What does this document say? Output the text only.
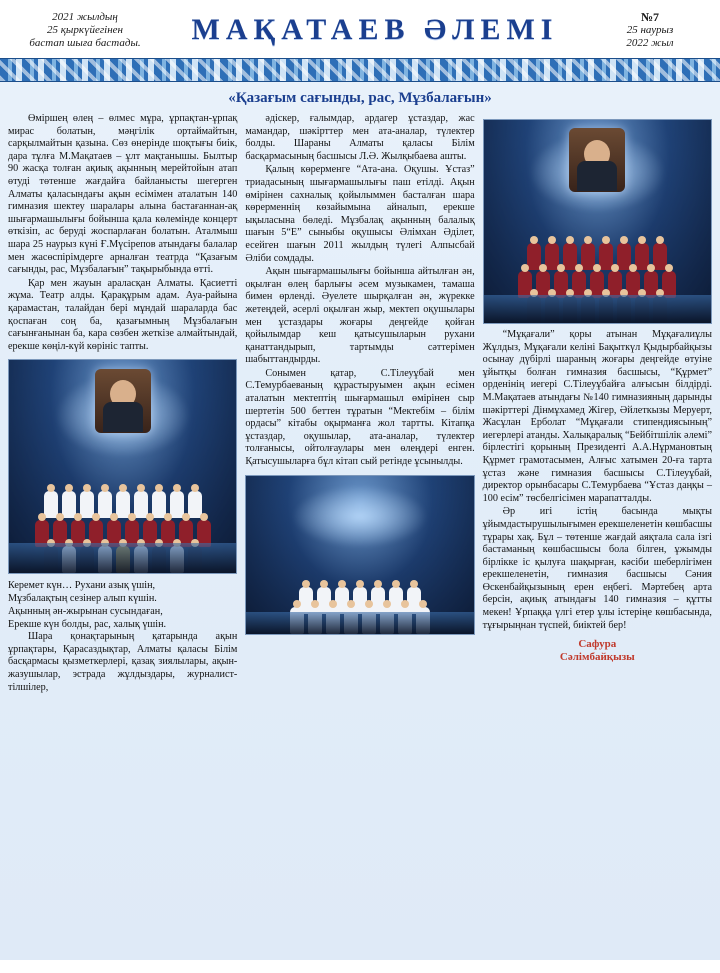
2021 жылдың
25 қыркүйегінен
бастап шыға бастады.	МАҚАТАЕВ ӘЛЕМІ	№7
25 наурыз
2022 жыл
«Қазағым сағынды, рас, Мұзбалағын»

Өміршең өлең – өлмес мұра, ұрпақтан-ұрпақ мирас болатын, мәңгілік ортаймайтын, сарқылмайтын қазына. Сөз өнерінде шоқтығы биік, дара тұлға М.Мақатаев – ұлт мақтанышы. Былтыр 90 жасқа толған ақиық ақынның мерейтойын атап өтуді төтенше жағдайға байланысты шегерген Алматы қаласындағы ақын есімімен аталатын 140 гимназия шектеу шаралары алына бастағаннан-ақ шығармашылығы бойынша қала көлемінде концерт өткізіп, ас беруді жоспарлаған болатын. Аталмыш шара 25 наурыз күні Ғ.Мүсірепов атындағы балалар мен жасөспірімдерге арналған театрда “Қазағым сағынды, рас, Мұзбалағын” тақырыбында өтті.

Қар мен жауын араласқан Алматы. Қасиетті жұма. Театр алды. Қарақұрым адам. Ауа-райына қарамастан, талайдан бері мұндай шараларда бас қоспаған соң ба, қазағымның Мұзбалағын сағынғанынан ба, кара сөзбен жеткізе алмайтындай, ерекше көңіл-күй көрініс тапты.

Керемет күн… Рухани азық үшін,
Мұзбалақтың сезінер алып күшін.
Ақынның ән-жырынан сусындаған,
Ерекше күн болды, рас, халық үшін.

Шара қонақтарының қатарында ақын ұрпақтары, Қарасаздықтар, Алматы қаласы Білім басқармасы қызметкерлері, қазақ зиялылары, ақын-жазушылар, эстрада жұлдыздары, журналист-тілшілер,

әдіскер, ғалымдар, ардагер ұстаздар, жас мамандар, шәкірттер мен ата-аналар, түлектер болды. Шараны Алматы қаласы Білім басқармасының басшысы Л.Ә. Жылқыбаева ашты.

Қалың көрерменге “Ата-ана. Оқушы. Ұстаз” триадасының шығармашылығы паш етілді. Ақын өмірінен сахналық қойылыммен басталған шара көрерменнің көзайымына айналып, ерекше ықыласына бөледі. Мұзбалақ ақынның балалық шағын 5“Е” сыныбы оқушысы Әлімхан Әділет, есейген шағын 2011 жылдың түлегі Алпысбай Әліби сомдады.

Ақын шығармашылығы бойынша айтылған ән, оқылған өлең барлығы әсем музыкамен, тамаша бимен өрленді. Әуелете шырқалған ән, жүрекке жетеңдей, әсерлі оқылған жыр, мектеп оқушылары мен ұстаздары жоғары деңгейде қойған қойылымдар кеш қатысушыларын рухани қанаттандырып, тартымды сәттерімен шабыттандырды.

Сонымен қатар, С.Тілеуұбай мен С.Темурбаеваның құрастыруымен ақын есімен аталатын мектептің шығармашыл өмірінен сыр шертетін 500 беттен тұратын “Мектебім – білім ордасы” кітабы оқырманға жол тартты. Кітапқа ұстаздар, оқушылар, ата-аналар, түлектер толғанысы, ойтолғаулары мен өлеңдері енген. Қатысушыларға бұл кітап сый ретінде ұсынылды.

“Мұқағали” қоры атынан Мұқағалиұлы Жұлдыз, Мұқағали келіні Бақыткүл Қыдырбайқызы осынау дүбірлі шараның жоғары деңгейде өтуіне ұйытқы болған гимназия басшысы, “Құрмет” орденінің иегері С.Тілеуұбайға алғысын білдірді. М.Мақатаев атындағы №140 гимназияның дарынды шәкірттері Дінмұхамед Жігер, Әйлеткызы Меруерт, Жасұлан Ерболат “Мұқағали стипендиясының” иегерлері атанды. Халықаралық “Бейбітшілік әлемі” бірлестігі қорының Президенті А.А.Нұрмановтың Құрмет грамотасымен, Алғыс хатымен 20-ға тарта ұстаз және гимназия басшысы С.Тілеуұбай, директор орынбасары С.Темурбаева “Ұстаз даңқы – 100 есім” төсбелгісімен марапатталды.

Әр игі істің басында мықты ұйымдастырушылығымен ерекшеленетін көшбасшы тұрары хақ. Бұл – төтенше жағдай аяқтала сала ізгі бастаманың көшбасшысы бола білген, ұжымды бірлікке іс қылуға шақырған, кәсіби шеберлігімен ерекшеленетін, гимназия басшысы Сәния Өскенбайқызының ерен еңбегі. Мәртебең арта берсін, ақиық атындағы 140 гимназия – құтты мекен! Ұрпаққа үлгі етер ұлы істеріңе көшбасында, тұғырыңнан түспей, биіктей бер!

Сафура
Сәлімбайқызы
